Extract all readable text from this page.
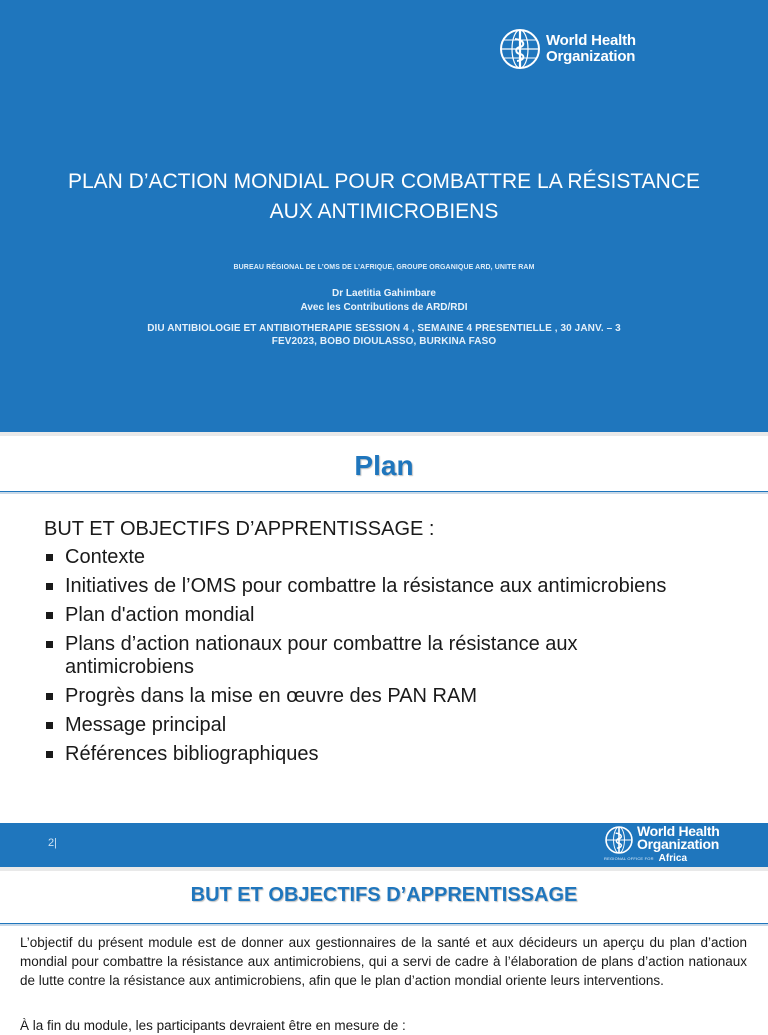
World Health
Organization
PLAN D’ACTION MONDIAL POUR COMBATTRE LA RÉSISTANCE
AUX ANTIMICROBIENS
BUREAU RÉGIONAL DE L’OMS DE L’AFRIQUE, GROUPE ORGANIQUE ARD, UNITE RAM
Dr Laetitia Gahimbare
Avec les Contributions de ARD/RDI
DIU ANTIBIOLOGIE ET ANTIBIOTHERAPIE SESSION 4 , SEMAINE 4 PRESENTIELLE , 30 JANV. – 3
FEV2023, BOBO DIOULASSO, BURKINA FASO
Plan
BUT ET OBJECTIFS D’APPRENTISSAGE :
Contexte
Initiatives de l’OMS pour combattre la résistance aux antimicrobiens
Plan d'action mondial
Plans d’action nationaux pour combattre la résistance aux antimicrobiens
Progrès dans la mise en œuvre des PAN RAM
Message principal
Références bibliographiques
2|
World Health
Organization
REGIONAL OFFICE FOR Africa
BUT ET OBJECTIFS D’APPRENTISSAGE

L’objectif du présent module est de donner aux gestionnaires de la santé et aux décideurs un aperçu du plan d’action mondial pour combattre la résistance aux antimicrobiens, qui a servi de cadre à l’élaboration de plans d’action nationaux de lutte contre la résistance aux antimicrobiens, afin que le plan d’action mondial oriente leurs interventions.

À la fin du module, les participants devraient être en mesure de :
